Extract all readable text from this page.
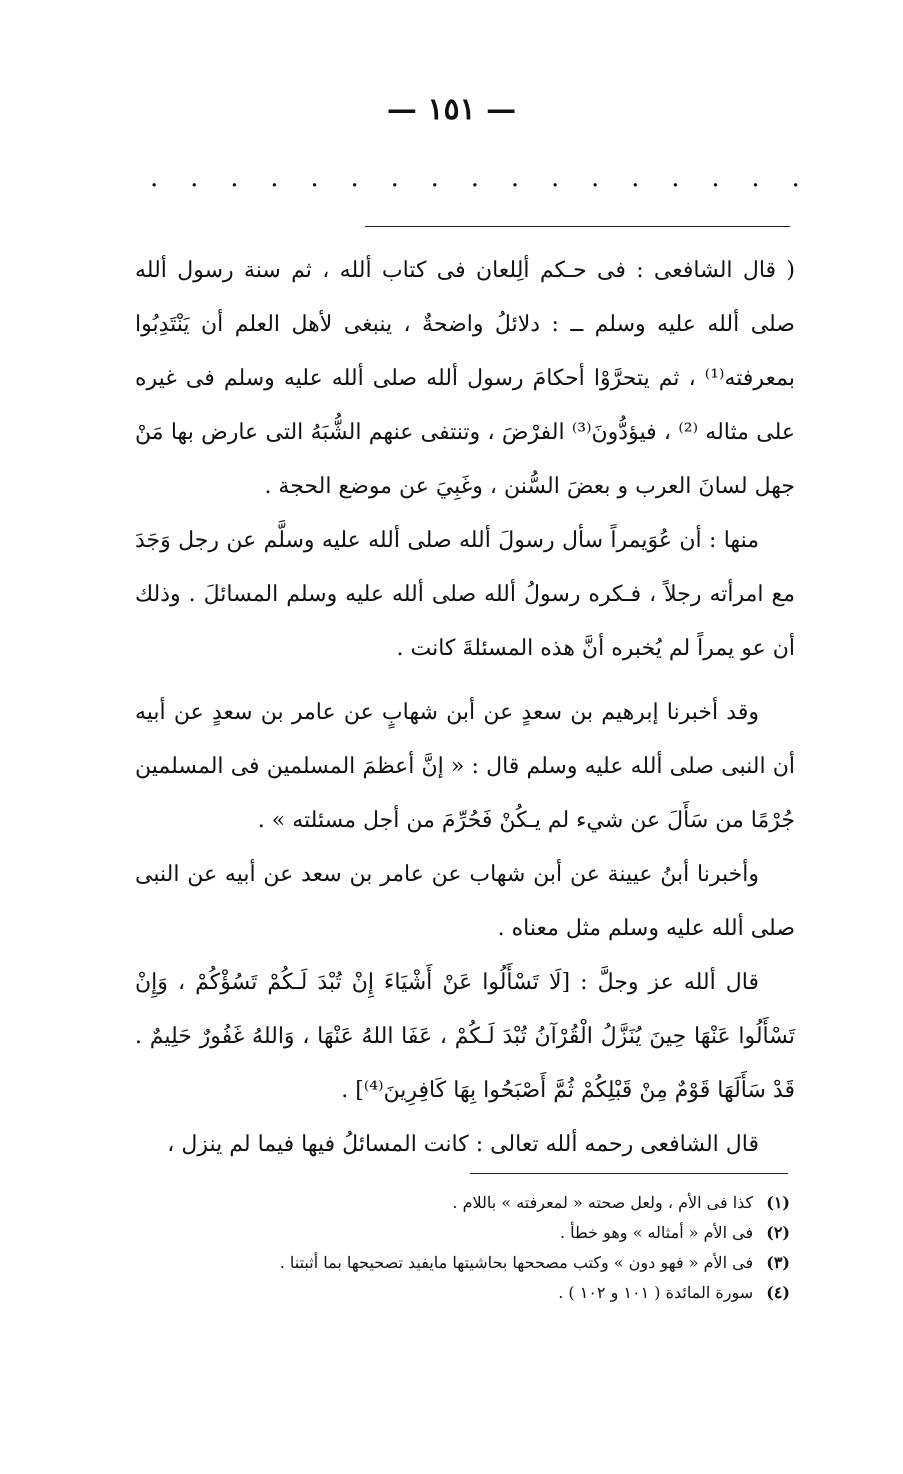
— ١٥١ —
. . . . . . . . . . . . . . . . .

( قال الشافعى : فى حـكم ألِلعان فى كتاب ألله ، ثم سنة رسول ألله صلى ألله عليه وسلم ــ : دلائلُ واضحةٌ ، ينبغى لأهل العلم أن يَنْتَدِبُوا بمعرفته⁽¹⁾ ، ثم يتحرَّوْا أحكامَ رسول ألله صلى ألله عليه وسلم فى غيره على مثاله ⁽²⁾ ، فيؤدُّونَ⁽³⁾ الفرْضَ ، وتنتفى عنهم الشُّبَهُ التى عارض بها مَنْ جهل لسانَ العرب و بعضَ السُّنن ، وغَبِيَ عن موضع الحجة .

منها : أن عُوَيمراً سأل رسولَ ألله صلى ألله عليه وسلَّم عن رجل وَجَدَ مع امرأته رجلاً ، فـكره رسولُ ألله صلى ألله عليه وسلم المسائلَ . وذلك أن عو يمراً لم يُخبره أنَّ هذه المسئلةَ كانت .

وقد أخبرنا إبرهيم بن سعدٍ عن أبن شهابٍ عن عامر بن سعدٍ عن أبيه أن النبى صلى ألله عليه وسلم قال : « إنَّ أعظمَ المسلمين فى المسلمين جُرْمًا من سَأَلَ عن شيء لم يـكُنْ فَحُرِّمَ من أجل مسئلته » .

وأخبرنا أبنُ عيينة عن أبن شهاب عن عامر بن سعد عن أبيه عن النبى صلى ألله عليه وسلم مثل معناه .

قال ألله عز وجلَّ : [لَا تَسْأَلُوا عَنْ أَشْيَاءَ إِنْ تُبْدَ لَـكُمْ تَسُؤْكُمْ ، وَإِنْ تَسْأَلُوا عَنْهَا حِينَ يُنَزَّلُ الْقُرْآنُ تُبْدَ لَـكُمْ ، عَفَا اللهُ عَنْهَا ، وَاللهُ غَفُورٌ حَلِيمٌ . قَدْ سَأَلَهَا قَوْمٌ مِنْ قَبْلِكُمْ ثُمَّ أَصْبَحُوا بِهَا كَافِرِينَ⁽⁴⁾] .

قال الشافعى رحمه ألله تعالى : كانت المسائلُ فيها فيما لم ينزل ،

(١) كذا فى الأم ، ولعل صحته « لمعرفته » باللام .
(٢) فى الأم « أمثاله » وهو خطأ .
(٣) فى الأم « فهو دون » وكتب مصححها بحاشيتها مايفيد تصحيحها بما أثبتنا .
(٤) سورة المائدة ( ١٠١ و ١٠٢ ) .
